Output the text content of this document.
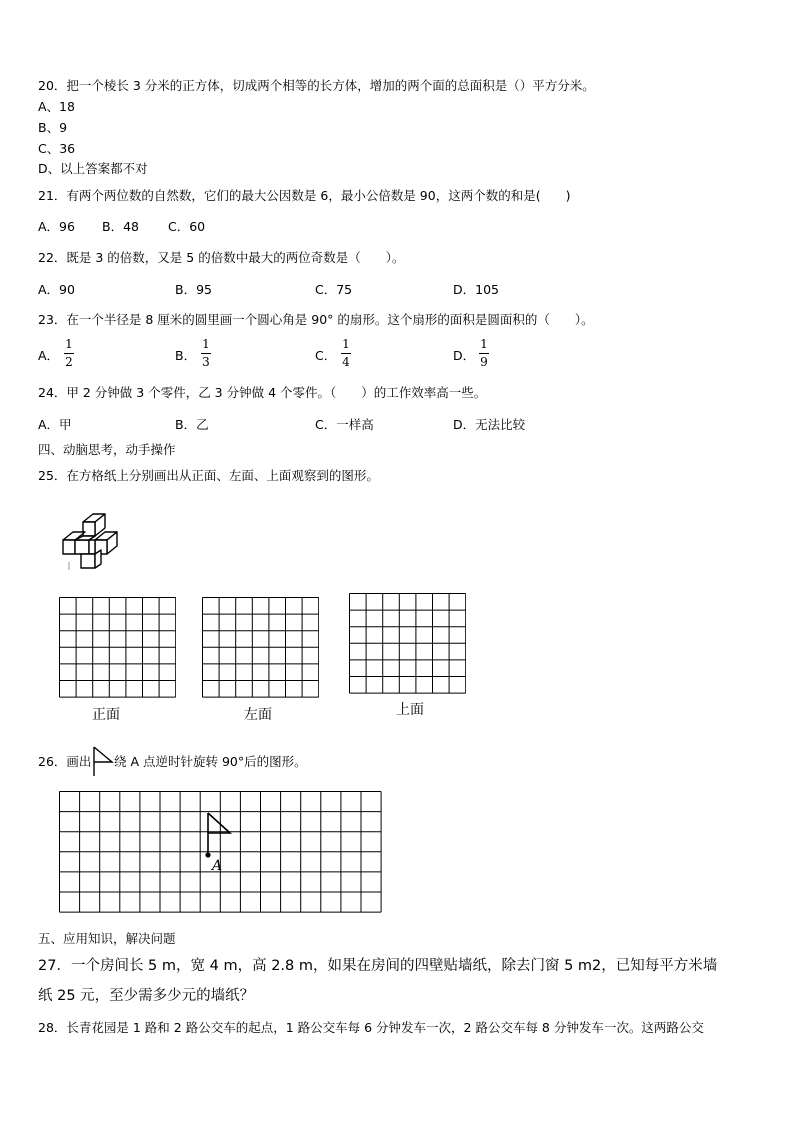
20．把一个棱长 3 分米的正方体，切成两个相等的长方体，增加的两个面的总面积是（）平方分米。
A、18
B、9
C、36
D、以上答案都不对
21．有两个两位数的自然数，它们的最大公因数是 6，最小公倍数是 90，这两个数的和是(　　)
A．96 B．48 C．60
22．既是 3 的倍数，又是 5 的倍数中最大的两位奇数是（　　）。
A．90	B．95	C．75	D．105
23．在一个半径是 8 厘米的圆里画一个圆心角是 90° 的扇形。这个扇形的面积是圆面积的（　　）。
A．
1
2	B．
1
3	C．
1
4	D．
1
9
24．甲 2 分钟做 3 个零件，乙 3 分钟做 4 个零件。（　　）的工作效率高一些。
A．甲	B．乙	C．一样高	D．无法比较
四、动脑思考，动手操作
25．在方格纸上分别画出从正面、左面、上面观察到的图形。
正面	左面	上面
26．画出 绕 A 点逆时针旋转 90°后的图形。
A
五、应用知识，解决问题
27．一个房间长 5 m，宽 4 m，高 2.8 m，如果在房间的四壁贴墙纸，除去门窗 5 m2，已知每平方米墙
纸 25 元，至少需多少元的墙纸？
28．长青花园是 1 路和 2 路公交车的起点，1 路公交车每 6 分钟发车一次，2 路公交车每 8 分钟发车一次。这两路公交
